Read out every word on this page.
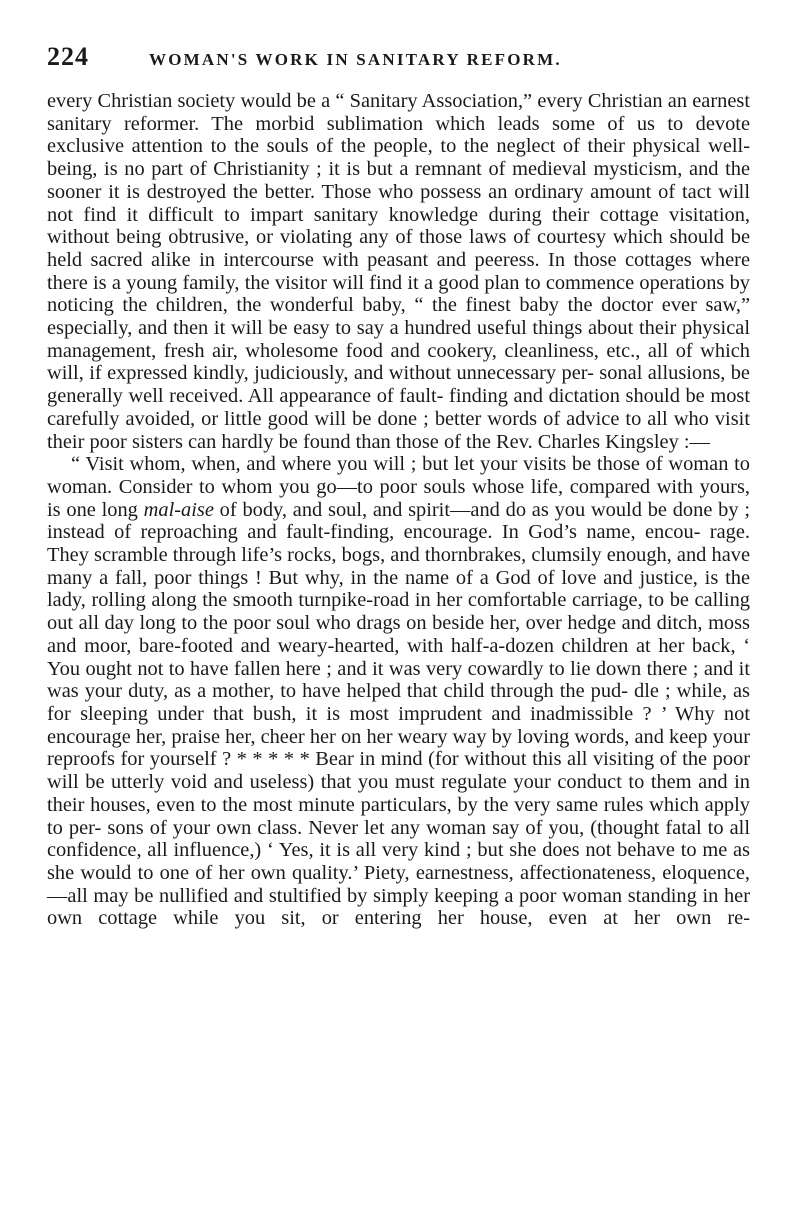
224	WOMAN'S WORK IN SANITARY REFORM.

every Christian society would be a “ Sanitary Association,” every Christian an earnest sanitary reformer. The morbid sublimation which leads some of us to devote exclusive attention to the souls of the people, to the neglect of their physical well-being, is no part of Christianity ; it is but a remnant of medieval mysticism, and the sooner it is destroyed the better. Those who possess an ordinary amount of tact will not find it difficult to impart sanitary knowledge during their cottage visitation, without being obtrusive, or violating any of those laws of courtesy which should be held sacred alike in intercourse with peasant and peeress. In those cottages where there is a young family, the visitor will find it a good plan to commence operations by noticing the children, the wonderful baby, “ the finest baby the doctor ever saw,” especially, and then it will be easy to say a hundred useful things about their physical management, fresh air, wholesome food and cookery, cleanliness, etc., all of which will, if expressed kindly, judiciously, and without unnecessary per- sonal allusions, be generally well received. All appearance of fault- finding and dictation should be most carefully avoided, or little good will be done ; better words of advice to all who visit their poor sisters can hardly be found than those of the Rev. Charles Kingsley :—

“ Visit whom, when, and where you will ; but let your visits be those of woman to woman. Consider to whom you go—to poor souls whose life, compared with yours, is one long mal-aise of body, and soul, and spirit—and do as you would be done by ; instead of reproaching and fault-finding, encourage. In God’s name, encou- rage. They scramble through life’s rocks, bogs, and thornbrakes, clumsily enough, and have many a fall, poor things ! But why, in the name of a God of love and justice, is the lady, rolling along the smooth turnpike-road in her comfortable carriage, to be calling out all day long to the poor soul who drags on beside her, over hedge and ditch, moss and moor, bare-footed and weary-hearted, with half-a-dozen children at her back, ‘ You ought not to have fallen here ; and it was very cowardly to lie down there ; and it was your duty, as a mother, to have helped that child through the pud- dle ; while, as for sleeping under that bush, it is most imprudent and inadmissible ? ’ Why not encourage her, praise her, cheer her on her weary way by loving words, and keep your reproofs for yourself ? * * * * * Bear in mind (for without this all visiting of the poor will be utterly void and useless) that you must regulate your conduct to them and in their houses, even to the most minute particulars, by the very same rules which apply to per- sons of your own class. Never let any woman say of you, (thought fatal to all confidence, all influence,) ‘ Yes, it is all very kind ; but she does not behave to me as she would to one of her own quality.’ Piety, earnestness, affectionateness, eloquence,—all may be nullified and stultified by simply keeping a poor woman standing in her own cottage while you sit, or entering her house, even at her own re-
